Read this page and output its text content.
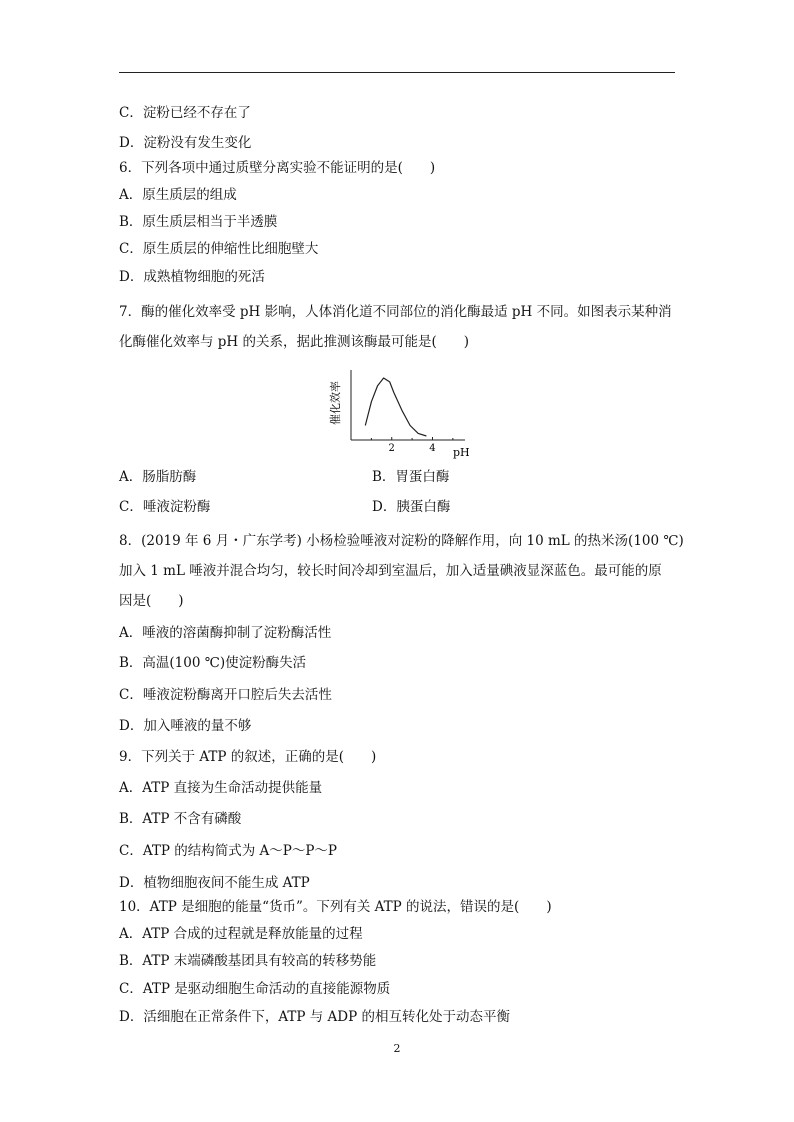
C．淀粉已经不存在了
D．淀粉没有发生变化
6．下列各项中通过质壁分离实验不能证明的是(　　)
A．原生质层的组成
B．原生质层相当于半透膜
C．原生质层的伸缩性比细胞壁大
D．成熟植物细胞的死活
7．酶的催化效率受 pH 影响，人体消化道不同部位的消化酶最适 pH 不同。如图表示某种消
化酶催化效率与 pH 的关系，据此推测该酶最可能是(　　)
2	4
催化效率
pH
A．肠脂肪酶	B．胃蛋白酶
C．唾液淀粉酶	D．胰蛋白酶
8．(2019 年 6 月・广东学考) 小杨检验唾液对淀粉的降解作用，向 10 mL 的热米汤(100 ℃)
加入 1 mL 唾液并混合均匀，较长时间冷却到室温后，加入适量碘液显深蓝色。最可能的原
因是(　　)
A．唾液的溶菌酶抑制了淀粉酶活性
B．高温(100 ℃)使淀粉酶失活
C．唾液淀粉酶离开口腔后失去活性
D．加入唾液的量不够
9．下列关于 ATP 的叙述，正确的是(　　)
A．ATP 直接为生命活动提供能量
B．ATP 不含有磷酸
C．ATP 的结构简式为 A～P～P～P
D．植物细胞夜间不能生成 ATP
10．ATP 是细胞的能量“货币”。下列有关 ATP 的说法，错误的是(　　)
A．ATP 合成的过程就是释放能量的过程
B．ATP 末端磷酸基团具有较高的转移势能
C．ATP 是驱动细胞生命活动的直接能源物质
D．活细胞在正常条件下，ATP 与 ADP 的相互转化处于动态平衡
2
